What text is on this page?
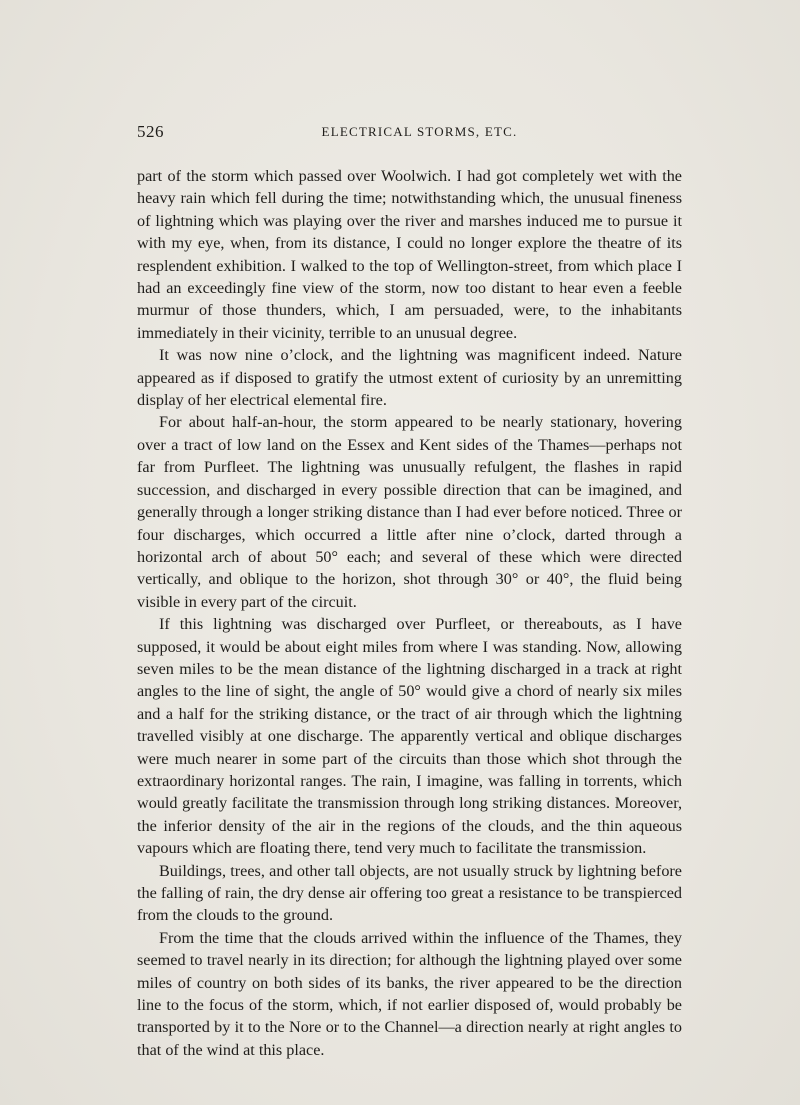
526	ELECTRICAL STORMS, ETC.

part of the storm which passed over Woolwich. I had got completely wet with the heavy rain which fell during the time; notwithstanding which, the unusual fineness of lightning which was playing over the river and marshes induced me to pursue it with my eye, when, from its distance, I could no longer explore the theatre of its resplendent exhibition. I walked to the top of Wellington-street, from which place I had an exceedingly fine view of the storm, now too distant to hear even a feeble murmur of those thunders, which, I am persuaded, were, to the inhabitants immediately in their vicinity, terrible to an unusual degree.

It was now nine o’clock, and the lightning was magnificent indeed. Nature appeared as if disposed to gratify the utmost extent of curiosity by an unremitting display of her electrical elemental fire.

For about half-an-hour, the storm appeared to be nearly stationary, hovering over a tract of low land on the Essex and Kent sides of the Thames—perhaps not far from Purfleet. The lightning was unusually refulgent, the flashes in rapid succession, and discharged in every possible direction that can be imagined, and generally through a longer striking distance than I had ever before noticed. Three or four discharges, which occurred a little after nine o’clock, darted through a horizontal arch of about 50° each; and several of these which were directed vertically, and oblique to the horizon, shot through 30° or 40°, the fluid being visible in every part of the circuit.

If this lightning was discharged over Purfleet, or thereabouts, as I have supposed, it would be about eight miles from where I was standing. Now, allowing seven miles to be the mean distance of the lightning discharged in a track at right angles to the line of sight, the angle of 50° would give a chord of nearly six miles and a half for the striking distance, or the tract of air through which the lightning travelled visibly at one discharge. The apparently vertical and oblique discharges were much nearer in some part of the circuits than those which shot through the extraordinary horizontal ranges. The rain, I imagine, was falling in torrents, which would greatly facilitate the transmission through long striking distances. Moreover, the inferior density of the air in the regions of the clouds, and the thin aqueous vapours which are floating there, tend very much to facilitate the transmission.

Buildings, trees, and other tall objects, are not usually struck by lightning before the falling of rain, the dry dense air offering too great a resistance to be transpierced from the clouds to the ground.

From the time that the clouds arrived within the influence of the Thames, they seemed to travel nearly in its direction; for although the lightning played over some miles of country on both sides of its banks, the river appeared to be the direction line to the focus of the storm, which, if not earlier disposed of, would probably be transported by it to the Nore or to the Channel—a direction nearly at right angles to that of the wind at this place.
